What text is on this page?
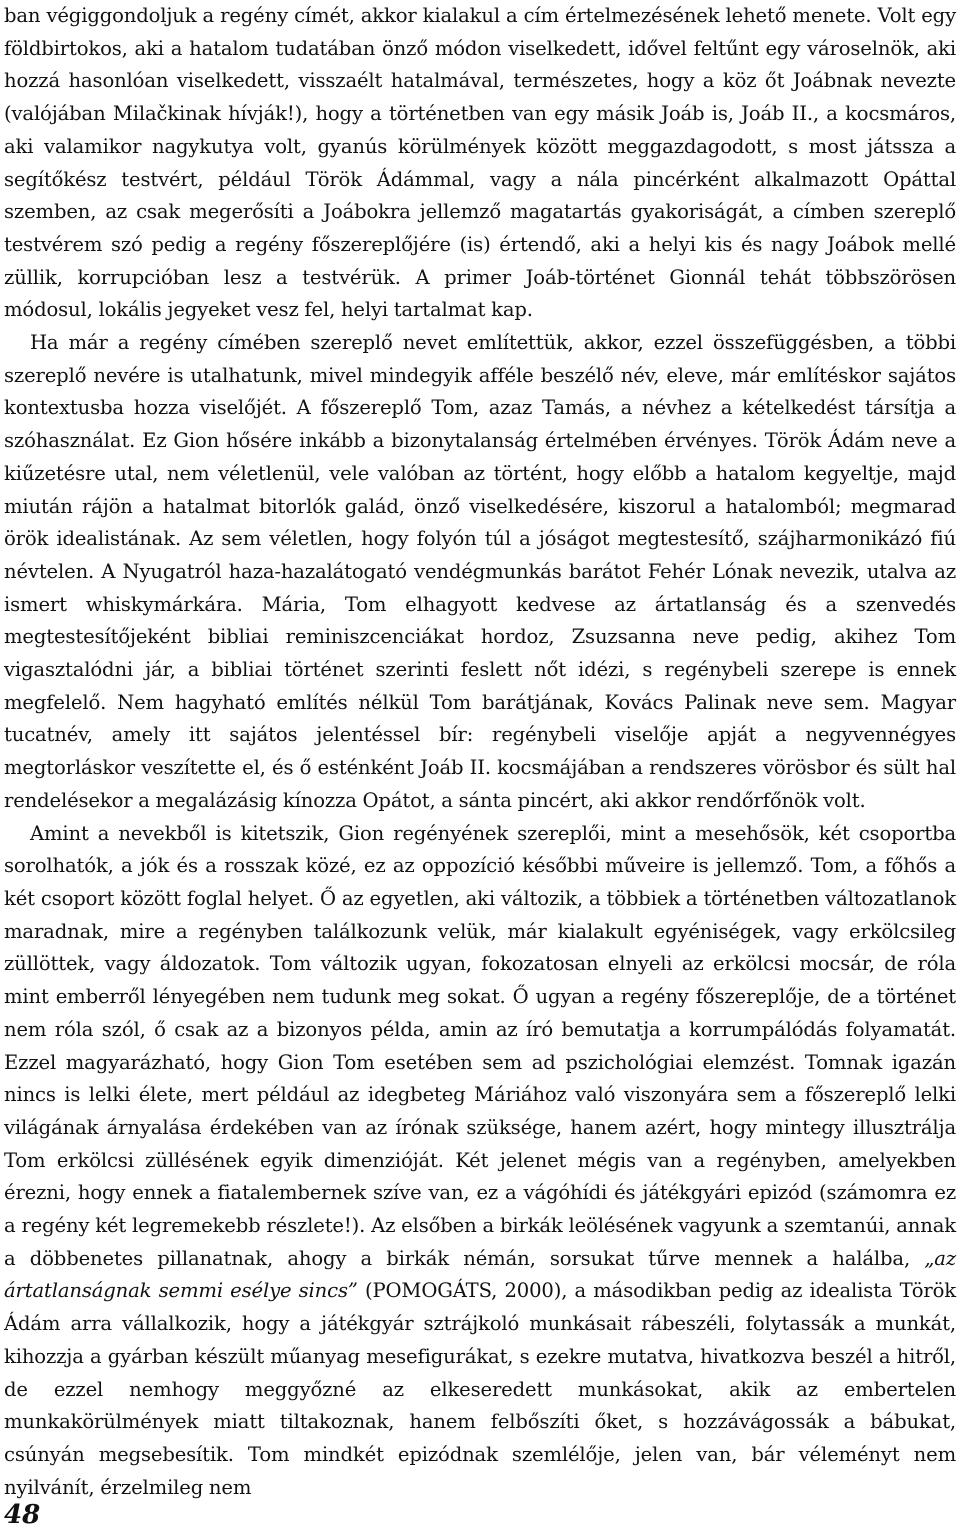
ban végiggondoljuk a regény címét, akkor kialakul a cím értelmezésének lehető menete. Volt egy földbirtokos, aki a hatalom tudatában önző módon viselkedett, idővel feltűnt egy városelnök, aki hozzá hasonlóan viselkedett, visszaélt hatalmával, természetes, hogy a köz őt Joábnak nevezte (valójában Milačkinak hívják!), hogy a történetben van egy másik Joáb is, Joáb II., a kocsmáros, aki valamikor nagykutya volt, gyanús körülmények között meggazdagodott, s most játssza a segítőkész testvért, például Török Ádámmal, vagy a nála pincérként alkalmazott Opáttal szemben, az csak megerősíti a Joábokra jellemző magatartás gyakoriságát, a címben szereplő testvérem szó pedig a regény főszereplőjére (is) értendő, aki a helyi kis és nagy Joábok mellé züllik, korrupcióban lesz a testvérük. A primer Joáb-történet Gionnál tehát többszörösen módosul, lokális jegyeket vesz fel, helyi tartalmat kap.

Ha már a regény címében szereplő nevet említettük, akkor, ezzel összefüggésben, a többi szereplő nevére is utalhatunk, mivel mindegyik afféle beszélő név, eleve, már említéskor sajátos kontextusba hozza viselőjét. A főszereplő Tom, azaz Tamás, a névhez a kételkedést társítja a szóhasználat. Ez Gion hősére inkább a bizonytalanság értelmében érvényes. Török Ádám neve a kiűzetésre utal, nem véletlenül, vele valóban az történt, hogy előbb a hatalom kegyeltje, majd miután rájön a hatalmat bitorlók galád, önző viselkedésére, kiszorul a hatalomból; megmarad örök idealistának. Az sem véletlen, hogy folyón túl a jóságot megtestesítő, szájharmonikázó fiú névtelen. A Nyugatról haza-hazalátogató vendégmunkás barátot Fehér Lónak nevezik, utalva az ismert whiskymárkára. Mária, Tom elhagyott kedvese az ártatlanság és a szenvedés megtestesítőjeként bibliai reminiszcenciákat hordoz, Zsuzsanna neve pedig, akihez Tom vigasztalódni jár, a bibliai történet szerinti feslett nőt idézi, s regénybeli szerepe is ennek megfelelő. Nem hagyható említés nélkül Tom barátjának, Kovács Palinak neve sem. Magyar tucatnév, amely itt sajátos jelentéssel bír: regénybeli viselője apját a negyvennégyes megtorláskor veszítette el, és ő esténként Joáb II. kocsmájában a rendszeres vörösbor és sült hal rendelésekor a megalázásig kínozza Opátot, a sánta pincért, aki akkor rendőrfőnök volt.

Amint a nevekből is kitetszik, Gion regényének szereplői, mint a mesehősök, két csoportba sorolhatók, a jók és a rosszak közé, ez az oppozíció későbbi műveire is jellemző. Tom, a főhős a két csoport között foglal helyet. Ő az egyetlen, aki változik, a többiek a történetben változatlanok maradnak, mire a regényben találkozunk velük, már kialakult egyéniségek, vagy erkölcsileg züllöttek, vagy áldozatok. Tom változik ugyan, fokozatosan elnyeli az erkölcsi mocsár, de róla mint emberről lényegében nem tudunk meg sokat. Ő ugyan a regény főszereplője, de a történet nem róla szól, ő csak az a bizonyos példa, amin az író bemutatja a korrumpálódás folyamatát. Ezzel magyarázható, hogy Gion Tom esetében sem ad pszichológiai elemzést. Tomnak igazán nincs is lelki élete, mert például az idegbeteg Máriához való viszonyára sem a főszereplő lelki világának árnyalása érdekében van az írónak szüksége, hanem azért, hogy mintegy illusztrálja Tom erkölcsi züllésének egyik dimenzióját. Két jelenet mégis van a regényben, amelyekben érezni, hogy ennek a fiatalembernek szíve van, ez a vágóhídi és játékgyári epizód (számomra ez a regény két legremekebb részlete!). Az elsőben a birkák leölésének vagyunk a szemtanúi, annak a döbbenetes pillanatnak, ahogy a birkák némán, sorsukat tűrve mennek a halálba, „az ártatlanságnak semmi esélye sincs” (POMOGÁTS, 2000), a másodikban pedig az idealista Török Ádám arra vállalkozik, hogy a játékgyár sztrájkoló munkásait rábeszéli, folytassák a munkát, kihozzja a gyárban készült műanyag mesefigurákat, s ezekre mutatva, hivatkozva beszél a hitről, de ezzel nemhogy meggyőzné az elkeseredett munkásokat, akik az embertelen munkakörülmények miatt tiltakoznak, hanem felbőszíti őket, s hozzávágossák a bábukat, csúnyán megsebesítik. Tom mindkét epizódnak szemlélője, jelen van, bár véleményt nem nyilvánít, érzelmileg nem

48
